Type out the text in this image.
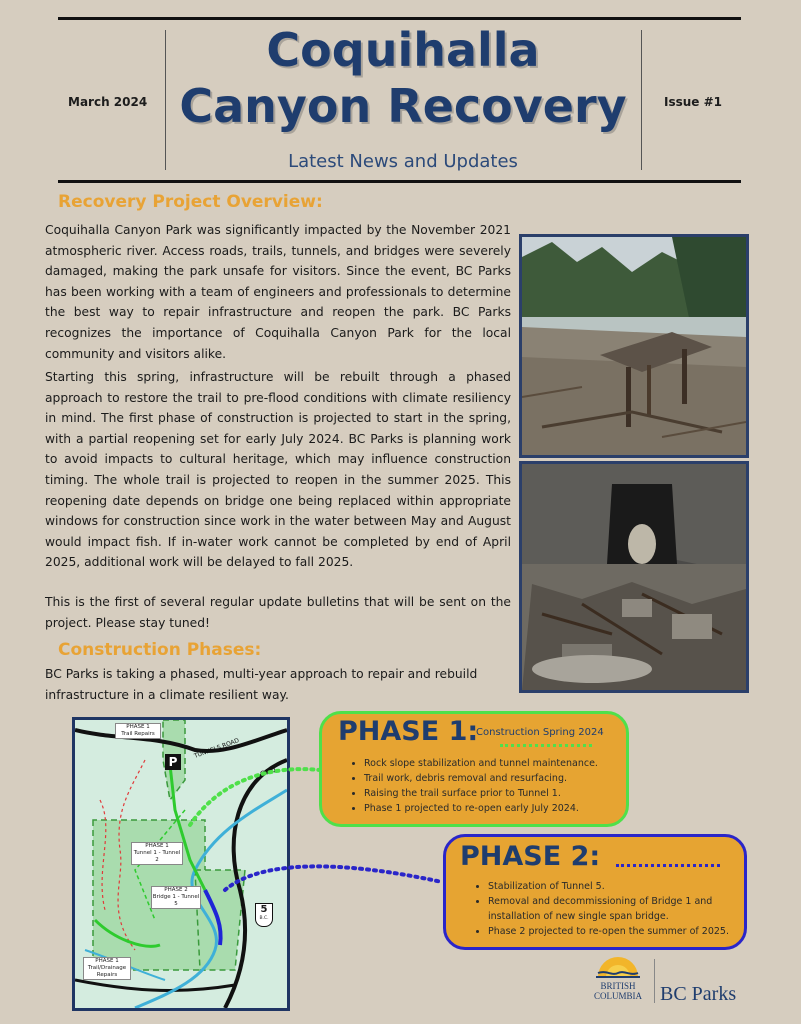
March 2024	Issue #1
Coquihalla
Canyon Recovery
Latest News and Updates
Recovery Project Overview:
Coquihalla Canyon Park was significantly impacted by the November 2021 atmospheric river. Access roads, trails, tunnels, and bridges were severely damaged, making the park unsafe for visitors. Since the event, BC Parks has been working with a team of engineers and professionals to determine the best way to repair infrastructure and reopen the park. BC Parks recognizes the importance of Coquihalla Canyon Park for the local community and visitors alike.
Starting this spring, infrastructure will be rebuilt through a phased approach to restore the trail to pre-flood conditions with climate resiliency in mind. The first phase of construction is projected to start in the spring, with a partial reopening set for early July 2024. BC Parks is planning work to avoid impacts to cultural heritage, which may influence construction timing. The whole trail is projected to reopen in the summer 2025. This reopening date depends on bridge one being replaced within appropriate windows for construction since work in the water between May and August would impact fish. If in-water work cannot be completed by end of April 2025, additional work will be delayed to fall 2025.
This is the first of several regular update bulletins that will be sent on the project. Please stay tuned!
Construction Phases:
BC Parks is taking a phased, multi-year approach to repair and rebuild infrastructure in a climate resilient way.
PHASE 1
Trail Repairs
P
TUNNELS ROAD
COQ
PHASE 1
Tunnel 1 - Tunnel 2
PHASE 2
Bridge 1 - Tunnel 5
PHASE 1
Trail/Drainage
Repairs
5
B.C.
PHASE 1:
Construction Spring 2024
• Rock slope stabilization and tunnel maintenance.
• Trail work, debris removal and resurfacing.
• Raising the trail surface prior to Tunnel 1.
• Phase 1 projected to re-open early July 2024.
PHASE 2:
• Stabilization of Tunnel 5.
• Removal and decommissioning of Bridge 1 and installation of new single span bridge.
• Phase 2 projected to re-open the summer of 2025.
BRITISH
COLUMBIA BC Parks
